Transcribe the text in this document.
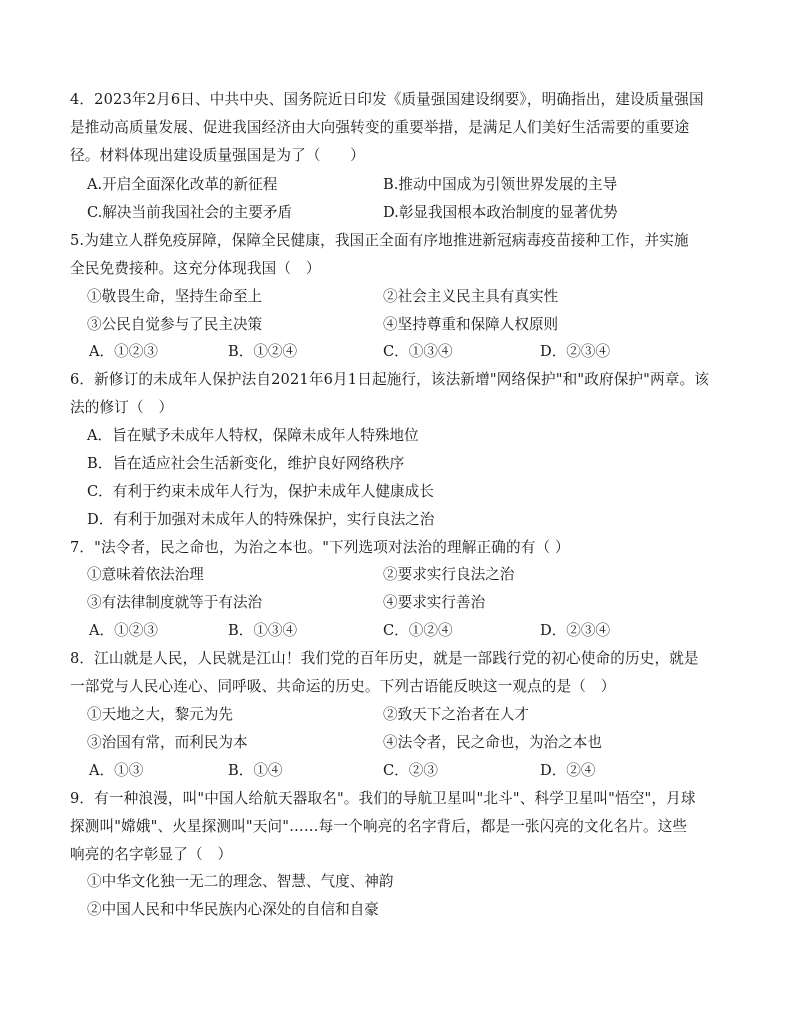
4．2023年2月6日、中共中央、国务院近日印发《质量强国建设纲要》，明确指出，建设质量强国
是推动高质量发展、促进我国经济由大向强转变的重要举措，是满足人们美好生活需要的重要途
径。材料体现出建设质量强国是为了（　　）
A.开启全面深化改革的新征程	B.推动中国成为引领世界发展的主导
C.解决当前我国社会的主要矛盾	D.彰显我国根本政治制度的显著优势
5.为建立人群免疫屏障，保障全民健康，我国正全面有序地推进新冠病毒疫苗接种工作，并实施
全民免费接种。这充分体现我国（　）
①敬畏生命，坚持生命至上	②社会主义民主具有真实性
③公民自觉参与了民主决策	④坚持尊重和保障人权原则
A．①②③	B．①②④	C．①③④	D．②③④
6．新修订的未成年人保护法自2021年6月1日起施行，该法新增"网络保护"和"政府保护"两章。该
法的修订（　）
A．旨在赋予未成年人特权，保障未成年人特殊地位
B．旨在适应社会生活新变化，维护良好网络秩序
C．有利于约束未成年人行为，保护未成年人健康成长
D．有利于加强对未成年人的特殊保护，实行良法之治
7．"法令者，民之命也，为治之本也。"下列选项对法治的理解正确的有（ ）
①意味着依法治理	②要求实行良法之治
③有法律制度就等于有法治	④要求实行善治
A．①②③	B．①③④	C．①②④	D．②③④
8．江山就是人民，人民就是江山！我们党的百年历史，就是一部践行党的初心使命的历史，就是
一部党与人民心连心、同呼吸、共命运的历史。下列古语能反映这一观点的是（　）
①天地之大，黎元为先	②致天下之治者在人才
③治国有常，而利民为本	④法令者，民之命也，为治之本也
A．①③	B．①④	C．②③	D．②④
9．有一种浪漫，叫"中国人给航天器取名"。我们的导航卫星叫"北斗"、科学卫星叫"悟空"，月球
探测叫"嫦娥"、火星探测叫"天问"……每一个响亮的名字背后，都是一张闪亮的文化名片。这些
响亮的名字彰显了（　）
①中华文化独一无二的理念、智慧、气度、神韵
②中国人民和中华民族内心深处的自信和自豪
